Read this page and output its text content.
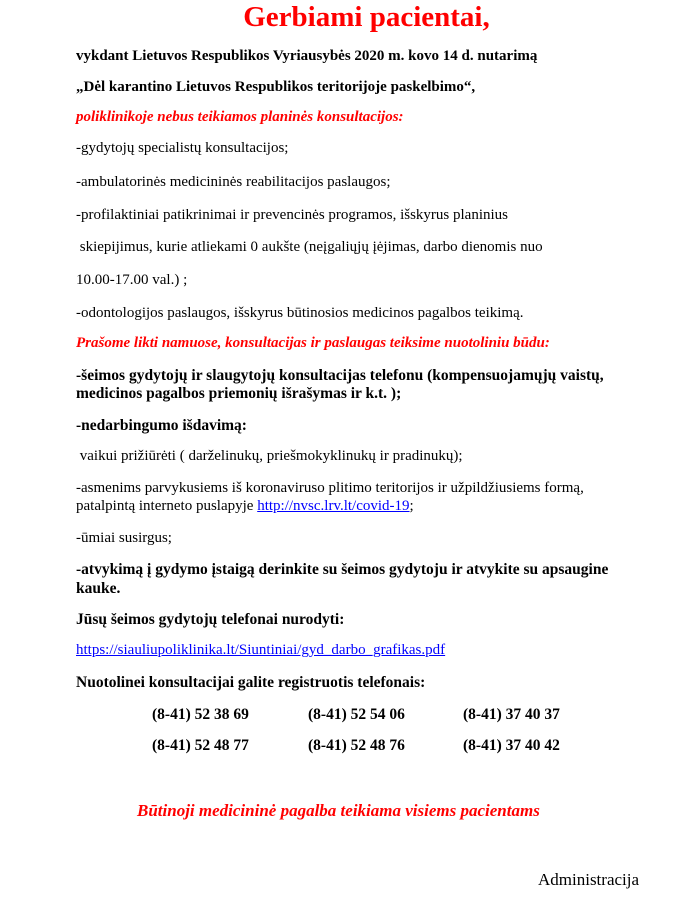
Gerbiami pacientai,
vykdant Lietuvos Respublikos Vyriausybės 2020 m. kovo 14 d. nutarimą
„Dėl karantino Lietuvos Respublikos teritorijoje paskelbimo“,
poliklinikoje nebus teikiamos planinės konsultacijos:
-gydytojų specialistų konsultacijos;
-ambulatorinės medicininės reabilitacijos paslaugos;
-profilaktiniai patikrinimai ir prevencinės programos, išskyrus planinius
skiepijimus, kurie atliekami 0 aukšte (neįgaliųjų įėjimas, darbo dienomis nuo
10.00-17.00 val.) ;
-odontologijos paslaugos, išskyrus būtinosios medicinos pagalbos teikimą.
Prašome likti namuose, konsultacijas ir paslaugas teiksime nuotoliniu būdu:
-šeimos gydytojų ir slaugytojų konsultacijas telefonu (kompensuojamųjų vaistų,
medicinos pagalbos priemonių išrašymas ir k.t. );
-nedarbingumo išdavimą:
vaikui prižiūrėti ( darželinukų, priešmokyklinukų ir pradinukų);
-asmenims parvykusiems iš koronaviruso plitimo teritorijos ir užpildžiusiems formą,
patalpintą interneto puslapyje http://nvsc.lrv.lt/covid-19;
-ūmiai susirgus;
-atvykimą į gydymo įstaigą derinkite su šeimos gydytoju ir atvykite su apsaugine
kauke.
Jūsų šeimos gydytojų telefonai nurodyti:
https://siauliupoliklinika.lt/Siuntiniai/gyd_darbo_grafikas.pdf
Nuotolinei konsultacijai galite registruotis telefonais:
(8-41) 52 38 69	(8-41) 52 54 06	(8-41) 37 40 37
(8-41) 52 48 77	(8-41) 52 48 76	(8-41) 37 40 42
Būtinoji medicininė pagalba teikiama visiems pacientams
Administracija
